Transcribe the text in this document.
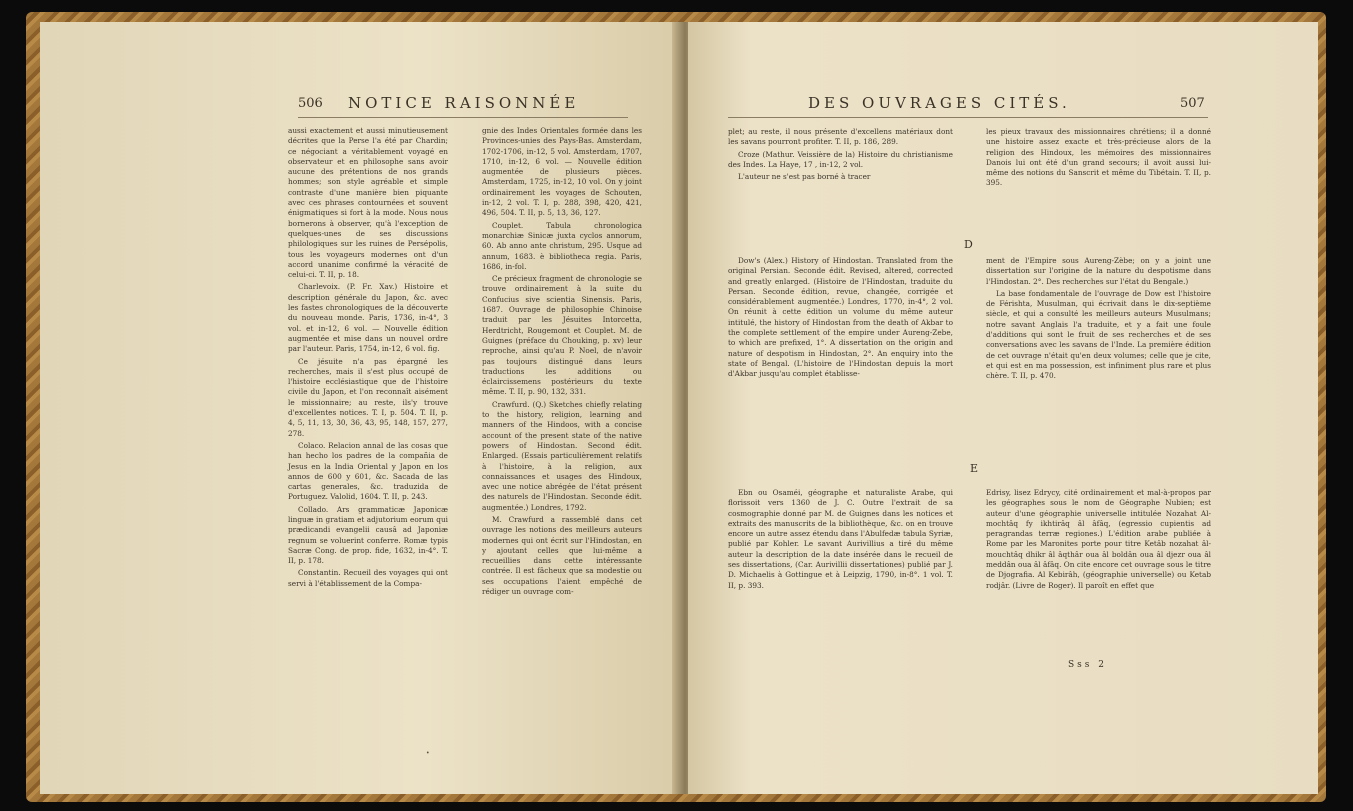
506 NOTICE RAISONNÉE

aussi exactement et aussi minutieusement décrites que la Perse l'a été par Chardin; ce négociant a véritablement voyagé en observateur et en philosophe sans avoir aucune des prétentions de nos grands hommes; son style agréable et simple contraste d'une manière bien piquante avec ces phrases contournées et souvent énigmatiques si fort à la mode. Nous nous bornerons à observer, qu'à l'exception de quelques-unes de ses discussions philologiques sur les ruines de Persépolis, tous les voyageurs modernes ont d'un accord unanime confirmé la véracité de celui-ci. T. II, p. 18.

Charlevoix. (P. Fr. Xav.) Histoire et description générale du Japon, &c. avec les fastes chronologiques de la découverte du nouveau monde. Paris, 1736, in-4°, 3 vol. et in-12, 6 vol. — Nouvelle édition augmentée et mise dans un nouvel ordre par l'auteur. Paris, 1754, in-12, 6 vol. fig.

Ce jésuite n'a pas épargné les recherches, mais il s'est plus occupé de l'histoire ecclésiastique que de l'histoire civile du Japon, et l'on reconnaît aisément le missionnaire; au reste, ils'y trouve d'excellentes notices. T. I, p. 504. T. II, p. 4, 5, 11, 13, 30, 36, 43, 95, 148, 157, 277, 278.

Colaco. Relacion annal de las cosas que han hecho los padres de la compañia de Jesus en la India Oriental y Japon en los annos de 600 y 601, &c. Sacada de las cartas generales, &c. traduzida de Portuguez. Valolid, 1604. T. II, p. 243.

Collado. Ars grammaticæ Japonicæ linguæ in gratiam et adjutorium eorum qui prædicandi evangelii causâ ad Japoniæ regnum se voluerint conferre. Romæ typis Sacræ Cong. de prop. fide, 1632, in-4°. T. II, p. 178.

Constantin. Recueil des voyages qui ont servi à l'établissement de la Compa-

gnie des Indes Orientales formée dans les Provinces-unies des Pays-Bas. Amsterdam, 1702-1706, in-12, 5 vol. Amsterdam, 1707, 1710, in-12, 6 vol. — Nouvelle édition augmentée de plusieurs pièces. Amsterdam, 1725, in-12, 10 vol. On y joint ordinairement les voyages de Schouten, in-12, 2 vol. T. I, p. 288, 398, 420, 421, 496, 504. T. II, p. 5, 13, 36, 127.

Couplet. Tabula chronologica monarchiæ Sinicæ juxta cyclos annorum, 60. Ab anno ante christum, 295. Usque ad annum, 1683. è bibliotheca regia. Paris, 1686, in-fol.

Ce précieux fragment de chronologie se trouve ordinairement à la suite du Confucius sive scientia Sinensis. Paris, 1687. Ouvrage de philosophie Chinoise traduit par les Jésuites Intorcetta, Herdtricht, Rougemont et Couplet. M. de Guignes (préface du Chouking, p. xv) leur reproche, ainsi qu'au P. Noel, de n'avoir pas toujours distingué dans leurs traductions les additions ou éclaircissemens postérieurs du texte même. T. II, p. 90, 132, 331.

Crawfurd. (Q.) Sketches chiefly relating to the history, religion, learning and manners of the Hindoos, with a concise account of the present state of the native powers of Hindostan. Second édit. Enlarged. (Essais particulièrement relatifs à l'histoire, à la religion, aux connaissances et usages des Hindoux, avec une notice abrégée de l'état présent des naturels de l'Hindostan. Seconde édit. augmentée.) Londres, 1792.

M. Crawfurd a rassemblé dans cet ouvrage les notions des meilleurs auteurs modernes qui ont écrit sur l'Hindostan, en y ajoutant celles que lui-même a recueillies dans cette intéressante contrée. Il est fâcheux que sa modestie ou ses occupations l'aient empêché de rédiger un ouvrage com-

•
DES OUVRAGES CITÉS.	507

plet; au reste, il nous présente d'excellens matériaux dont les savans pourront profiter. T. II, p. 186, 289.

Croze (Mathur. Veissière de la) Histoire du christianisme des Indes. La Haye, 17 , in-12, 2 vol.

L'auteur ne s'est pas borné à tracer

les pieux travaux des missionnaires chrétiens; il a donné une histoire assez exacte et très-précieuse alors de la religion des Hindoux, les mémoires des missionnaires Danois lui ont été d'un grand secours; il avoit aussi lui-même des notions du Sanscrit et même du Tibétain. T. II, p. 395.

D

Dow's (Alex.) History of Hindostan. Translated from the original Persian. Seconde édit. Revised, altered, corrected and greatly enlarged. (Histoire de l'Hindostan, traduite du Persan. Seconde édition, revue, changée, corrigée et considérablement augmentée.) Londres, 1770, in-4°, 2 vol. On réunit à cette édition un volume du même auteur intitulé, the history of Hindostan from the death of Akbar to the complete settlement of the empire under Aureng-Zebe, to which are prefixed, 1°. A dissertation on the origin and nature of despotism in Hindostan, 2°. An enquiry into the state of Bengal. (L'histoire de l'Hindostan depuis la mort d'Akbar jusqu'au complet établisse-

ment de l'Empire sous Aureng-Zèbe; on y a joint une dissertation sur l'origine de la nature du despotisme dans l'Hindostan. 2°. Des recherches sur l'état du Bengale.)

La base fondamentale de l'ouvrage de Dow est l'histoire de Férishta, Musulman, qui écrivait dans le dix-septième siècle, et qui a consulté les meilleurs auteurs Musulmans; notre savant Anglais l'a traduite, et y a fait une foule d'additions qui sont le fruit de ses recherches et de ses conversations avec les savans de l'Inde. La première édition de cet ouvrage n'était qu'en deux volumes; celle que je cite, et qui est en ma possession, est infiniment plus rare et plus chère. T. II, p. 470.

E

Ebn ou Osaméi, géographe et naturaliste Arabe, qui florissoit vers 1360 de J. C. Outre l'extrait de sa cosmographie donné par M. de Guignes dans les notices et extraits des manuscrits de la bibliothèque, &c. on en trouve encore un autre assez étendu dans l'Abulfedæ tabula Syriæ, publié par Kohler. Le savant Aurivillius a tiré du même auteur la description de la date insérée dans le recueil de ses dissertations, (Car. Aurivillii dissertationes) publié par J. D. Michaelis à Gottingue et à Leipzig, 1790, in-8°. 1 vol. T. II, p. 393.

Edrisy, lisez Edrycy, cité ordinairement et mal-à-propos par les géographes sous le nom de Géographe Nubien; est auteur d'une géographie universelle intitulée Nozahat Al-mochtâq fy ikhtirâq âl âfâq, (egressio cupientis ad peragrandas terræ regiones.) L'édition arabe publiée à Rome par les Maronites porte pour titre Ketâb nozahat âl-mouchtâq dhikr âl âqthâr oua âl boldân oua âl djezr oua âl meddân oua âl âfâq. On cite encore cet ouvrage sous le titre de Djografia. Al Kebirâh, (géographie universelle) ou Ketab rodjâr. (Livre de Roger). Il paroît en effet que

Sss 2
